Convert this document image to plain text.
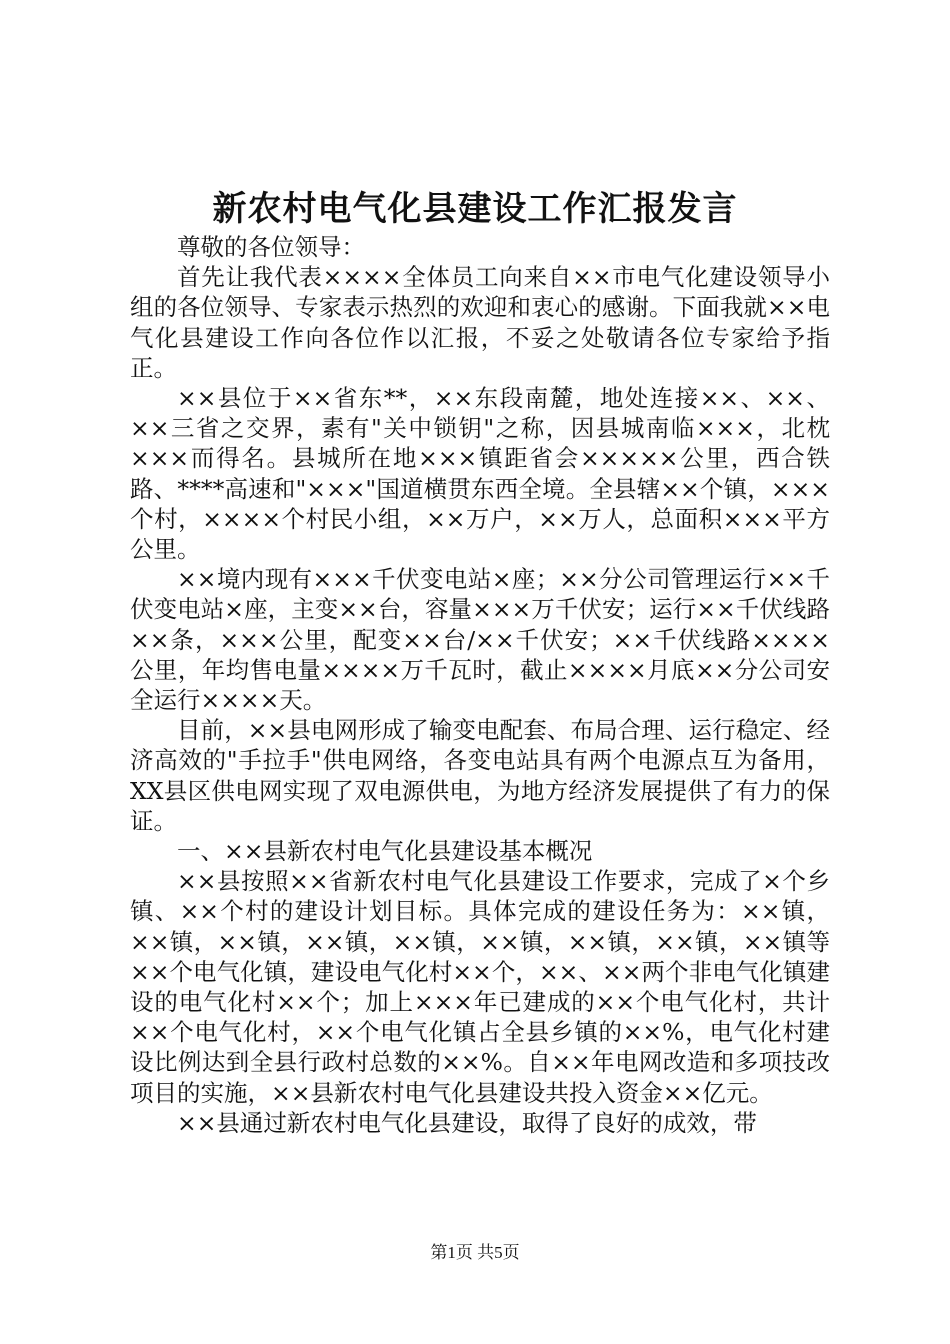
新农村电气化县建设工作汇报发言

尊敬的各位领导：

首先让我代表××××全体员工向来自××市电气化建设领导小组的各位领导、专家表示热烈的欢迎和衷心的感谢。下面我就××电气化县建设工作向各位作以汇报，不妥之处敬请各位专家给予指正。

××县位于××省东**，××东段南麓，地处连接××、××、××三省之交界，素有"关中锁钥"之称，因县城南临×××，北枕×××而得名。县城所在地×××镇距省会×××××公里，西合铁路、****高速和"×××"国道横贯东西全境。全县辖××个镇，×××个村，××××个村民小组，××万户，××万人，总面积×××平方公里。

××境内现有×××千伏变电站×座；××分公司管理运行××千伏变电站×座，主变××台，容量×××万千伏安；运行××千伏线路××条，×××公里，配变××台/××千伏安；××千伏线路××××公里，年均售电量××××万千瓦时，截止××××月底××分公司安全运行××××天。

目前，××县电网形成了输变电配套、布局合理、运行稳定、经济高效的"手拉手"供电网络，各变电站具有两个电源点互为备用，XX县区供电网实现了双电源供电，为地方经济发展提供了有力的保证。

一、××县新农村电气化县建设基本概况

××县按照××省新农村电气化县建设工作要求，完成了×个乡镇、××个村的建设计划目标。具体完成的建设任务为：××镇，××镇，××镇，××镇，××镇，××镇，××镇，××镇，××镇等××个电气化镇，建设电气化村××个，××、××两个非电气化镇建设的电气化村××个；加上×××年已建成的××个电气化村，共计××个电气化村，××个电气化镇占全县乡镇的××%，电气化村建设比例达到全县行政村总数的××%。自××年电网改造和多项技改项目的实施，××县新农村电气化县建设共投入资金××亿元。

××县通过新农村电气化县建设，取得了良好的成效，带

第1页 共5页
